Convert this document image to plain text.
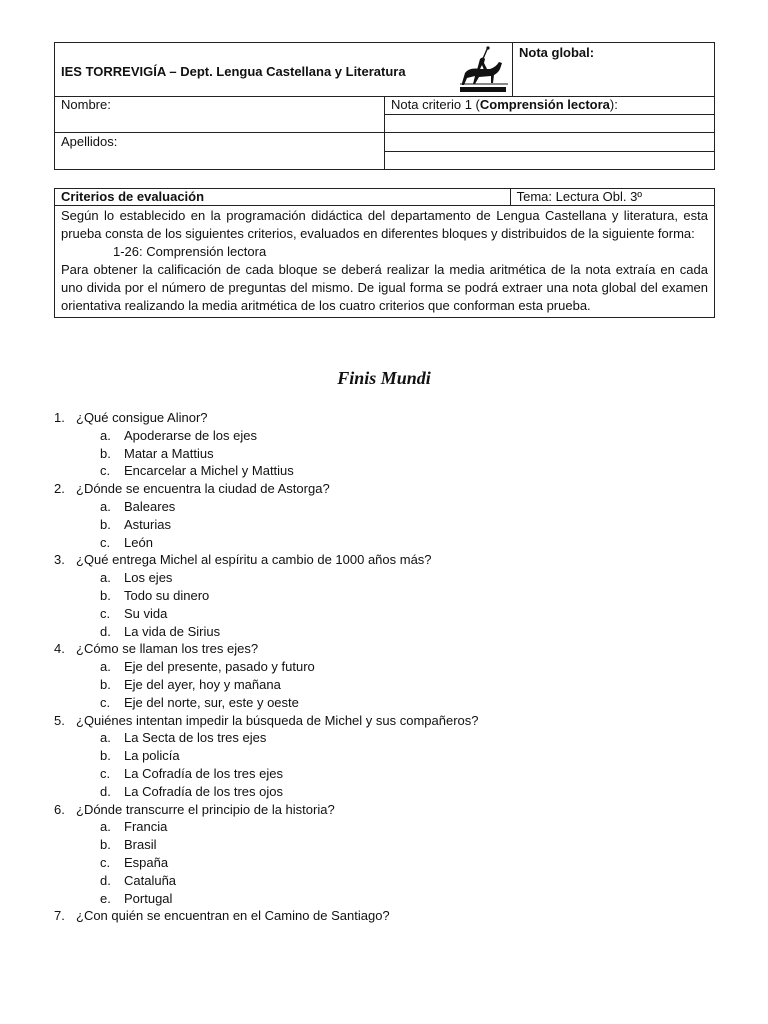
IES TORREVIGÍA – Dept. Lengua Castellana y Literatura		Nota global:
Nombre:	Nota criterio 1 (Comprensión lectora):	

Apellidos:		

Criterios de evaluación	Tema: Lectura Obl. 3º

Según lo establecido en la programación didáctica del departamento de Lengua Castellana y literatura, esta prueba consta de los siguientes criterios, evaluados en diferentes bloques y distribuidos de la siguiente forma:
1-26: Comprensión lectora
Para obtener la calificación de cada bloque se deberá realizar la media aritmética de la nota extraía en cada uno divida por el número de preguntas del mismo. De igual forma se podrá extraer una nota global del examen orientativa realizando la media aritmética de los cuatro criterios que conforman esta prueba.
Finis Mundi
1. ¿Qué consigue Alinor?
a. Apoderarse de los ejes
b. Matar a Mattius
c. Encarcelar a Michel y Mattius
2. ¿Dónde se encuentra la ciudad de Astorga?
a. Baleares
b. Asturias
c. León
3. ¿Qué entrega Michel al espíritu a cambio de 1000 años más?
a. Los ejes
b. Todo su dinero
c. Su vida
d. La vida de Sirius
4. ¿Cómo se llaman los tres ejes?
a. Eje del presente, pasado y futuro
b. Eje del ayer, hoy y mañana
c. Eje del norte, sur, este y oeste
5. ¿Quiénes intentan impedir la búsqueda de Michel y sus compañeros?
a. La Secta de los tres ejes
b. La policía
c. La Cofradía de los tres ejes
d. La Cofradía de los tres ojos
6. ¿Dónde transcurre el principio de la historia?
a. Francia
b. Brasil
c. España
d. Cataluña
e. Portugal
7. ¿Con quién se encuentran en el Camino de Santiago?
